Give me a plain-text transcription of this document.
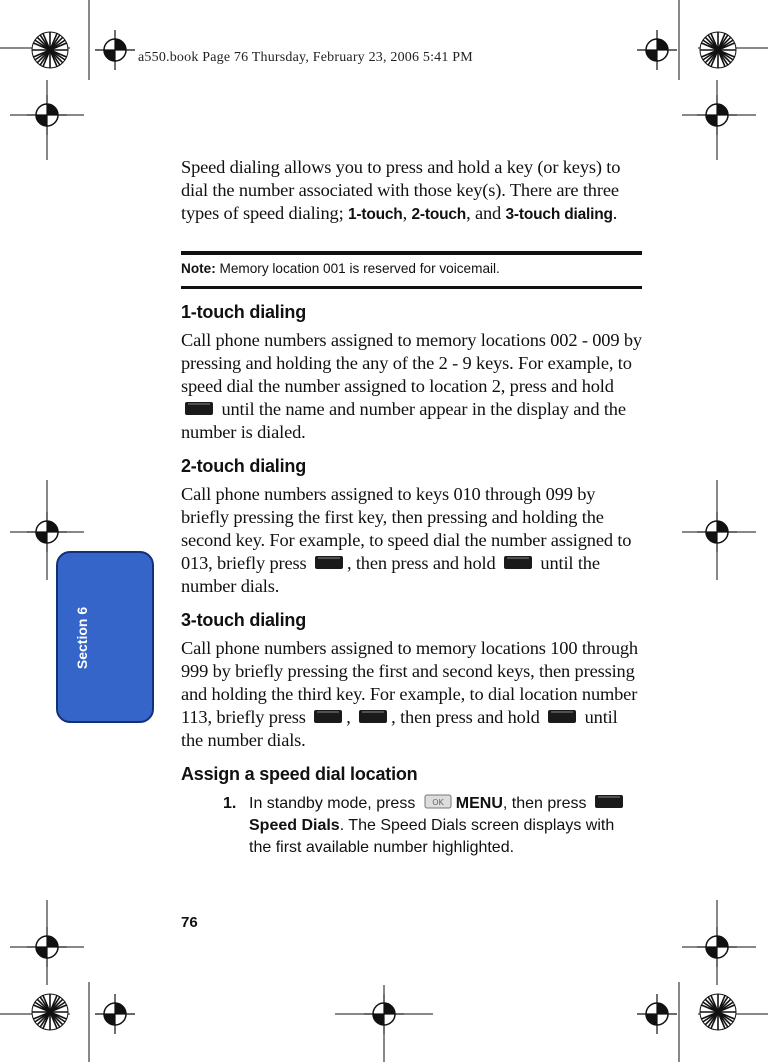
a550.book Page 76 Thursday, February 23, 2006 5:41 PM
Section 6

Speed dialing allows you to press and hold a key (or keys) to dial the number associated with those key(s). There are three types of speed dialing; 1-touch, 2-touch, and 3-touch dialing.

Note: Memory location 001 is reserved for voicemail.
1-touch dialing

Call phone numbers assigned to memory locations 002 - 009 by pressing and holding the any of the 2 - 9 keys. For example, to speed dial the number assigned to location 2, press and hold  until the name and number appear in the display and the number is dialed.

2-touch dialing

Call phone numbers assigned to keys 010 through 099 by briefly pressing the first key, then pressing and holding the second key. For example, to speed dial the number assigned to 013, briefly press , then press and hold  until the number dials.

3-touch dialing

Call phone numbers assigned to memory locations 100 through 999 by briefly pressing the first and second keys, then pressing and holding the third key. For example, to dial location number 113, briefly press , , then press and hold  until the number dials.

Assign a speed dial location
1. In standby mode, press OK MENU, then press
Speed Dials. The Speed Dials screen displays with the first available number highlighted.
76
